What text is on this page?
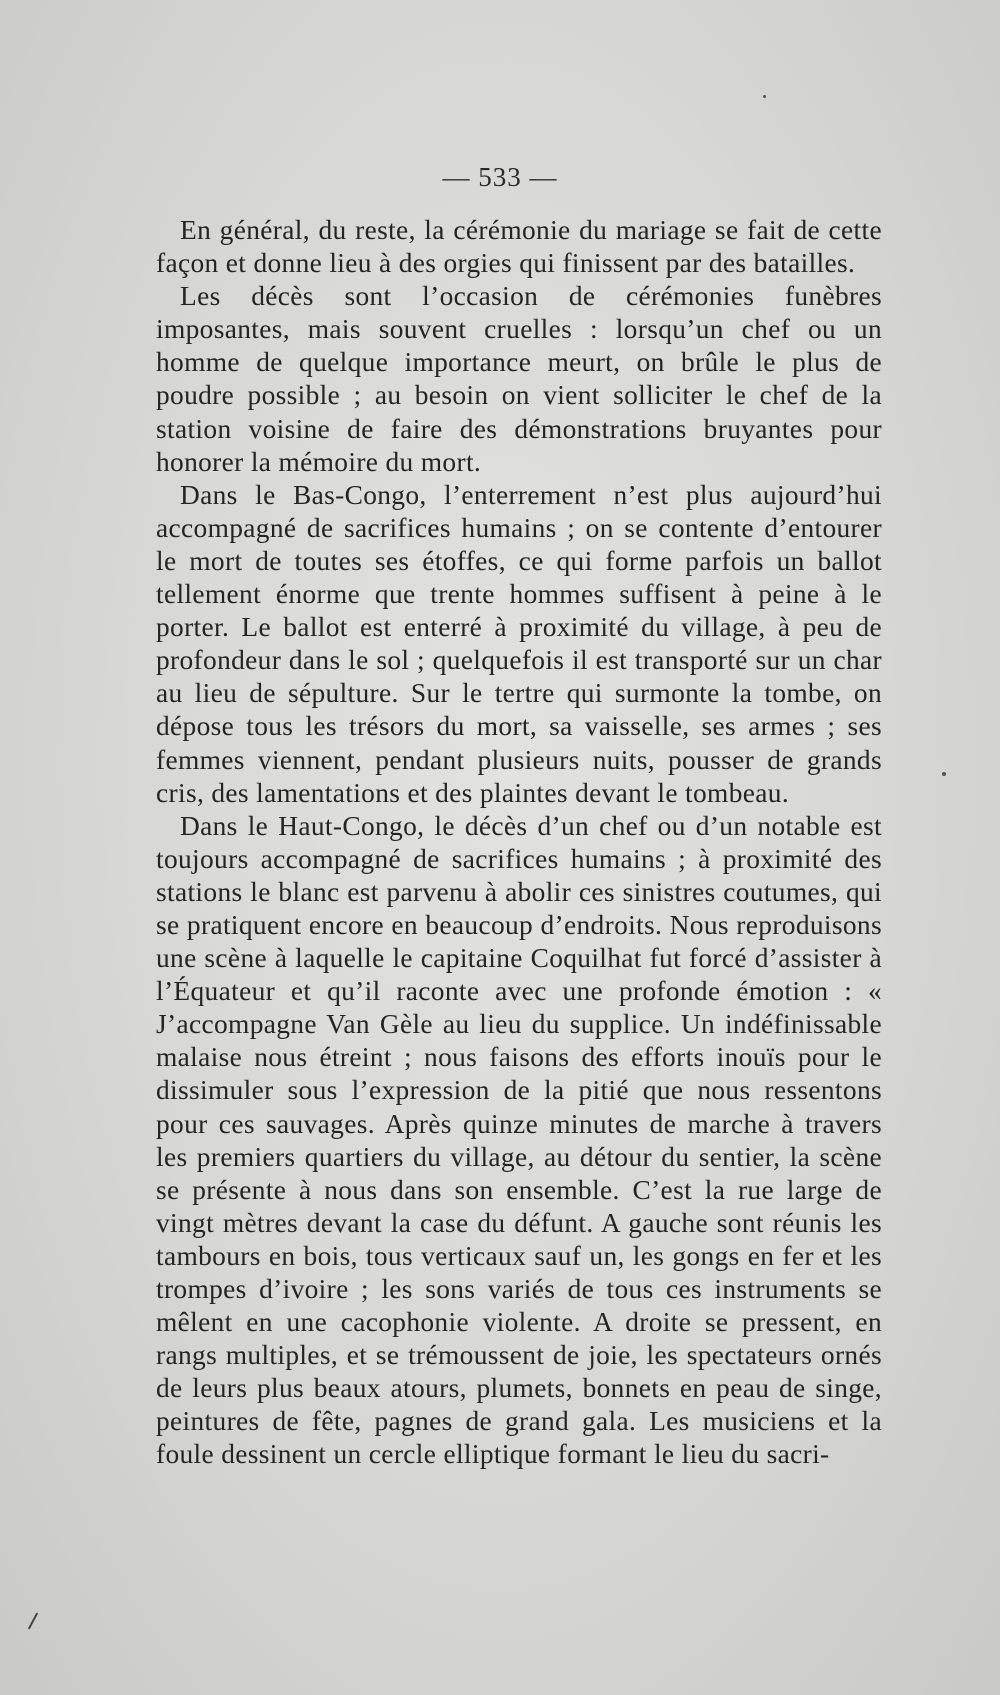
— 533 —

En général, du reste, la cérémonie du mariage se fait de cette façon et donne lieu à des orgies qui finissent par des batailles.

Les décès sont l’occasion de cérémonies funèbres imposantes, mais souvent cruelles : lorsqu’un chef ou un homme de quelque importance meurt, on brûle le plus de poudre possible ; au besoin on vient solliciter le chef de la station voisine de faire des démonstrations bruyantes pour honorer la mémoire du mort.

Dans le Bas-Congo, l’enterrement n’est plus aujourd’hui accompagné de sacrifices humains ; on se contente d’entourer le mort de toutes ses étoffes, ce qui forme parfois un ballot tellement énorme que trente hommes suffisent à peine à le porter. Le ballot est enterré à proximité du village, à peu de profondeur dans le sol ; quelquefois il est transporté sur un char au lieu de sépulture. Sur le tertre qui surmonte la tombe, on dépose tous les trésors du mort, sa vaisselle, ses armes ; ses femmes viennent, pendant plusieurs nuits, pousser de grands cris, des lamentations et des plaintes devant le tombeau.

Dans le Haut-Congo, le décès d’un chef ou d’un notable est toujours accompagné de sacrifices humains ; à proximité des stations le blanc est parvenu à abolir ces sinistres coutumes, qui se pratiquent encore en beaucoup d’endroits. Nous reproduisons une scène à laquelle le capitaine Coquilhat fut forcé d’assister à l’Équateur et qu’il raconte avec une profonde émotion : « J’accompagne Van Gèle au lieu du supplice. Un indéfinissable malaise nous étreint ; nous faisons des efforts inouïs pour le dissimuler sous l’expression de la pitié que nous ressentons pour ces sauvages. Après quinze minutes de marche à travers les premiers quartiers du village, au détour du sentier, la scène se présente à nous dans son ensemble. C’est la rue large de vingt mètres devant la case du défunt. A gauche sont réunis les tambours en bois, tous verticaux sauf un, les gongs en fer et les trompes d’ivoire ; les sons variés de tous ces instruments se mêlent en une cacophonie violente. A droite se pressent, en rangs multiples, et se trémoussent de joie, les spectateurs ornés de leurs plus beaux atours, plumets, bonnets en peau de singe, peintures de fête, pagnes de grand gala. Les musiciens et la foule dessinent un cercle elliptique formant le lieu du sacri-
